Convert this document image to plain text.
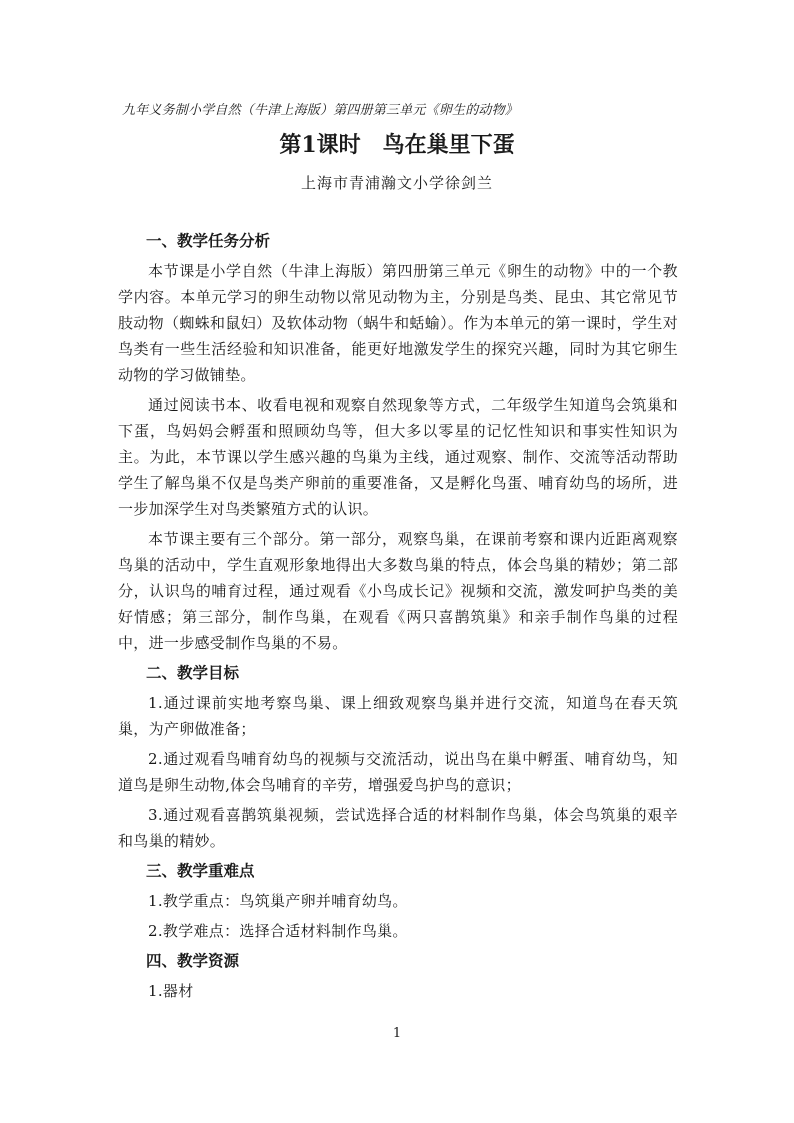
九年义务制小学自然（牛津上海版）第四册第三单元《卵生的动物》
第1课时　鸟在巢里下蛋
上海市青浦瀚文小学徐剑兰
一、教学任务分析

本节课是小学自然（牛津上海版）第四册第三单元《卵生的动物》中的一个教学内容。本单元学习的卵生动物以常见动物为主，分别是鸟类、昆虫、其它常见节肢动物（蜘蛛和鼠妇）及软体动物（蜗牛和蛞蝓）。作为本单元的第一课时，学生对鸟类有一些生活经验和知识准备，能更好地激发学生的探究兴趣，同时为其它卵生动物的学习做铺垫。

通过阅读书本、收看电视和观察自然现象等方式，二年级学生知道鸟会筑巢和下蛋，鸟妈妈会孵蛋和照顾幼鸟等，但大多以零星的记忆性知识和事实性知识为主。为此，本节课以学生感兴趣的鸟巢为主线，通过观察、制作、交流等活动帮助学生了解鸟巢不仅是鸟类产卵前的重要准备，又是孵化鸟蛋、哺育幼鸟的场所，进一步加深学生对鸟类繁殖方式的认识。

本节课主要有三个部分。第一部分，观察鸟巢，在课前考察和课内近距离观察鸟巢的活动中，学生直观形象地得出大多数鸟巢的特点，体会鸟巢的精妙；第二部分，认识鸟的哺育过程，通过观看《小鸟成长记》视频和交流，激发呵护鸟类的美好情感；第三部分，制作鸟巢，在观看《两只喜鹊筑巢》和亲手制作鸟巢的过程中，进一步感受制作鸟巢的不易。

二、教学目标

1.通过课前实地考察鸟巢、课上细致观察鸟巢并进行交流，知道鸟在春天筑巢，为产卵做准备；

2.通过观看鸟哺育幼鸟的视频与交流活动，说出鸟在巢中孵蛋、哺育幼鸟，知道鸟是卵生动物,体会鸟哺育的辛劳，增强爱鸟护鸟的意识；

3.通过观看喜鹊筑巢视频，尝试选择合适的材料制作鸟巢，体会鸟筑巢的艰辛和鸟巢的精妙。

三、教学重难点

1.教学重点：鸟筑巢产卵并哺育幼鸟。

2.教学难点：选择合适材料制作鸟巢。

四、教学资源

1.器材

1
